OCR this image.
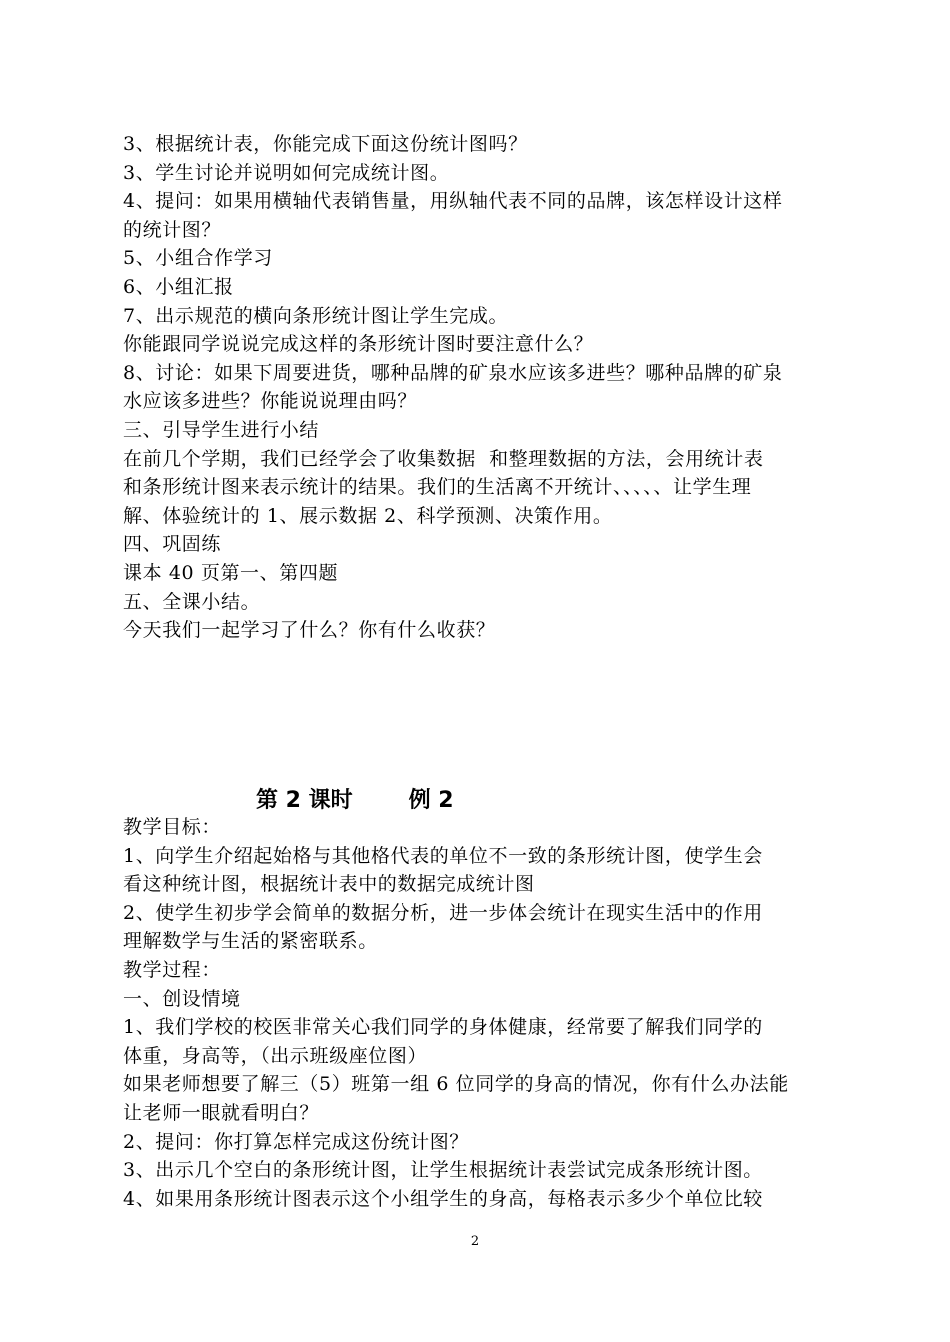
3、根据统计表，你能完成下面这份统计图吗？
3、学生讨论并说明如何完成统计图。
4、提问：如果用横轴代表销售量，用纵轴代表不同的品牌，该怎样设计这样
的统计图？
5、小组合作学习
6、小组汇报
7、出示规范的横向条形统计图让学生完成。
你能跟同学说说完成这样的条形统计图时要注意什么？
8、讨论：如果下周要进货，哪种品牌的矿泉水应该多进些？哪种品牌的矿泉
水应该多进些？你能说说理由吗？
三、引导学生进行小结
在前几个学期，我们已经学会了收集数据  和整理数据的方法，会用统计表
和条形统计图来表示统计的结果。我们的生活离不开统计、、、、、让学生理
解、体验统计的 1、展示数据 2、科学预测、决策作用。
四、巩固练
课本 40 页第一、第四题
五、全课小结。
今天我们一起学习了什么？你有什么收获？
第 2 课时	例 2
教学目标：
1、向学生介绍起始格与其他格代表的单位不一致的条形统计图，使学生会
看这种统计图，根据统计表中的数据完成统计图
2、使学生初步学会简单的数据分析，进一步体会统计在现实生活中的作用
理解数学与生活的紧密联系。
教学过程：
一、创设情境
1、我们学校的校医非常关心我们同学的身体健康，经常要了解我们同学的
体重，身高等，（出示班级座位图）
如果老师想要了解三（5）班第一组 6 位同学的身高的情况，你有什么办法能
让老师一眼就看明白？
2、提问：你打算怎样完成这份统计图？
3、出示几个空白的条形统计图，让学生根据统计表尝试完成条形统计图。
4、如果用条形统计图表示这个小组学生的身高，每格表示多少个单位比较
2
